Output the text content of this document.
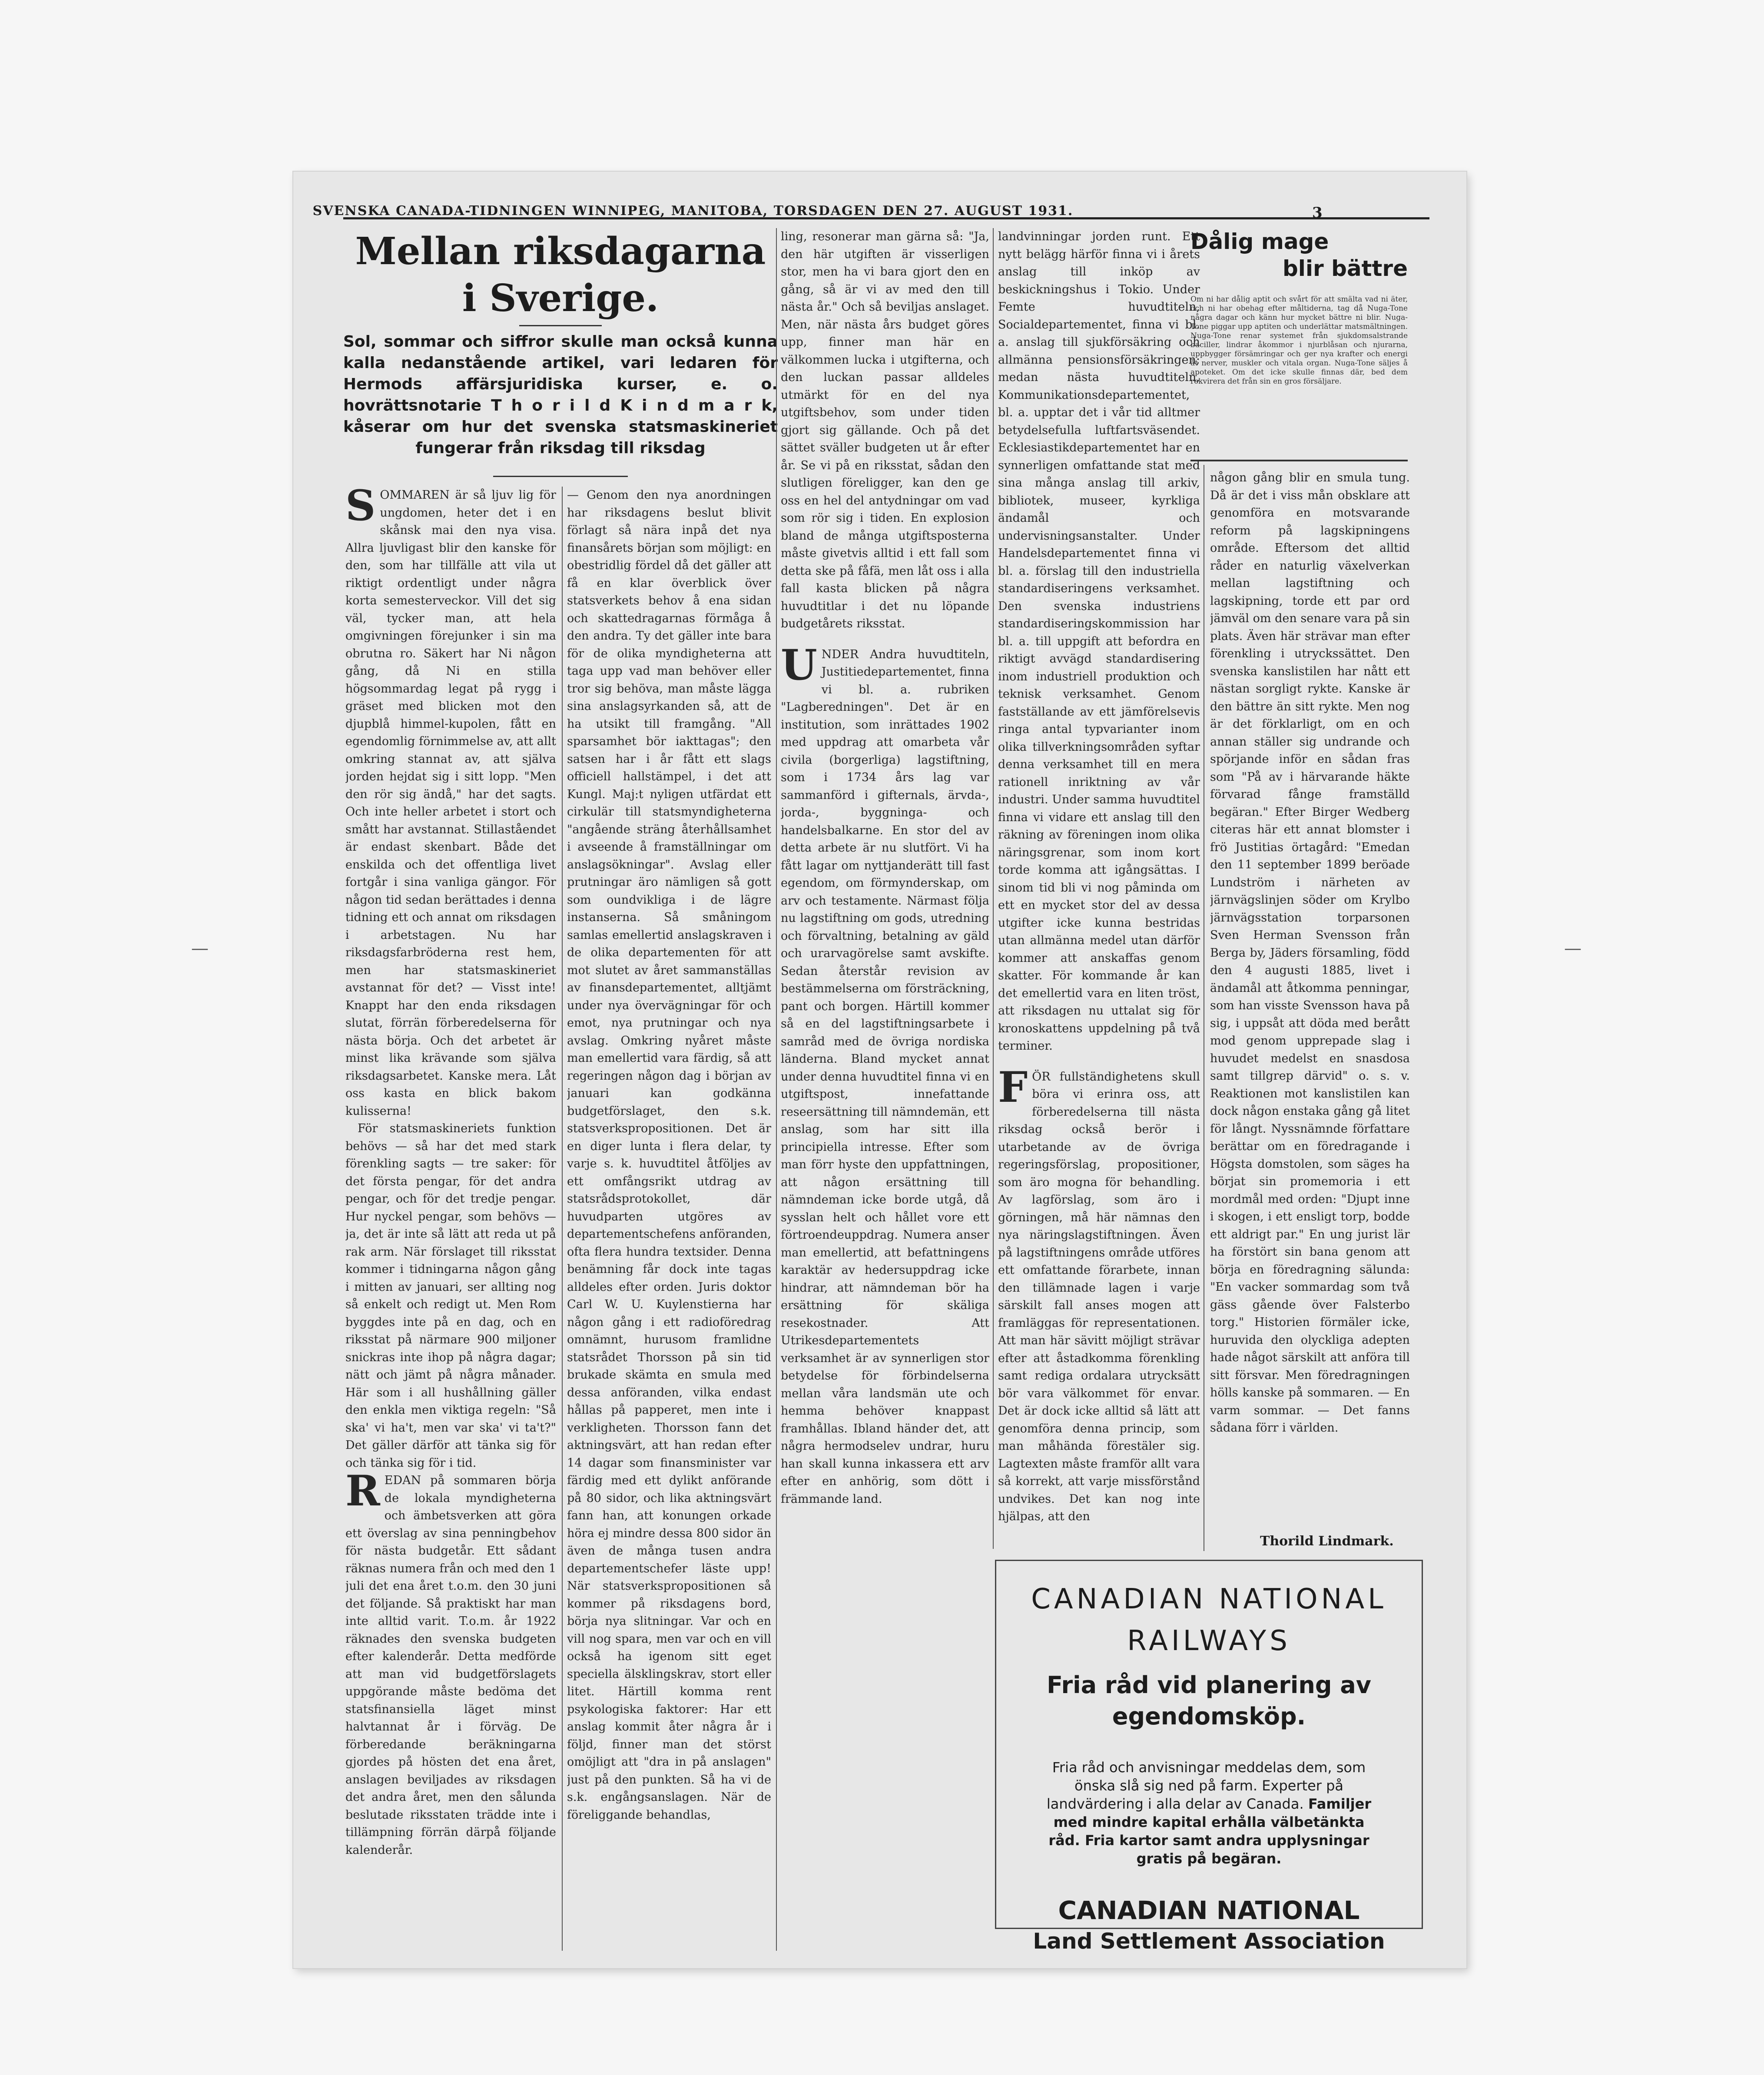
SVENSKA CANADA-TIDNINGEN WINNIPEG, MANITOBA, TORSDAGEN DEN 27. AUGUST 1931.	3
Mellan riksdagarna i Sverige.
Sol, sommar och siffror skulle man också kunna kalla nedanstående artikel, vari ledaren för Hermods affärsjuridiska kurser, e. o. hovrättsnotarie T h o r i l d K i n d m a r k, kåserar om hur det svenska statsmaskineriet fungerar från riksdag till riksdag

SOMMAREN är så ljuv lig för ungdomen, heter det i en skånsk mai den nya visa. Allra ljuvligast blir den kanske för den, som har tillfälle att vila ut riktigt ordentligt under några korta semesterveckor. Vill det sig väl, tycker man, att hela omgivningen förejunker i sin ma obrutna ro. Säkert har Ni någon gång, då Ni en stilla högsommardag legat på rygg i gräset med blicken mot den djupblå himmel-kupolen, fått en egendomlig förnimmelse av, att allt omkring stannat av, att själva jorden hejdat sig i sitt lopp. "Men den rör sig ändå," har det sagts. Och inte heller arbetet i stort och smått har avstannat. Stillaståendet är endast skenbart. Både det enskilda och det offentliga livet fortgår i sina vanliga gängor. För någon tid sedan berättades i denna tidning ett och annat om riksdagen i arbetstagen. Nu har riksdagsfarbröderna rest hem, men har statsmaskineriet avstannat för det? — Visst inte! Knappt har den enda riksdagen slutat, förrän förberedelserna för nästa börja. Och det arbetet är minst lika krävande som själva riksdagsarbetet. Kanske mera. Låt oss kasta en blick bakom kulisserna!

För statsmaskineriets funktion behövs — så har det med stark förenkling sagts — tre saker: för det första pengar, för det andra pengar, och för det tredje pengar. Hur nyckel pengar, som behövs — ja, det är inte så lätt att reda ut på rak arm. När förslaget till riksstat kommer i tidningarna någon gång i mitten av januari, ser allting nog så enkelt och redigt ut. Men Rom byggdes inte på en dag, och en riksstat på närmare 900 miljoner snickras inte ihop på några dagar; nätt och jämt på några månader. Här som i all hushållning gäller den enkla men viktiga regeln: "Så ska' vi ha't, men var ska' vi ta't?" Det gäller därför att tänka sig för och tänka sig för i tid.

REDAN på sommaren börja de lokala myndigheterna och ämbetsverken att göra ett överslag av sina penningbehov för nästa budgetår. Ett sådant räknas numera från och med den 1 juli det ena året t.o.m. den 30 juni det följande. Så praktiskt har man inte alltid varit. T.o.m. år 1922 räknades den svenska budgeten efter kalenderår. Detta medförde att man vid budgetförslagets uppgörande måste bedöma det statsfinansiella läget minst halvtannat år i förväg. De förberedande beräkningarna gjordes på hösten det ena året, anslagen beviljades av riksdagen det andra året, men den sålunda beslutade riksstaten trädde inte i tillämpning förrän därpå följande kalenderår.

— Genom den nya anordningen har riksdagens beslut blivit förlagt så nära inpå det nya finansårets början som möjligt: en obestridlig fördel då det gäller att få en klar överblick över statsverkets behov å ena sidan och skattedragarnas förmåga å den andra. Ty det gäller inte bara för de olika myndigheterna att taga upp vad man behöver eller tror sig behöva, man måste lägga sina anslagsyrkanden så, att de ha utsikt till framgång. "All sparsamhet bör iakttagas"; den satsen har i år fått ett slags officiell hallstämpel, i det att Kungl. Maj:t nyligen utfärdat ett cirkulär till statsmyndigheterna "angående sträng återhållsamhet i avseende å framställningar om anslagsökningar". Avslag eller prutningar äro nämligen så gott som oundvikliga i de lägre instanserna. Så småningom samlas emellertid anslagskraven i de olika departementen för att mot slutet av året sammanställas av finansdepartementet, alltjämt under nya övervägningar för och emot, nya prutningar och nya avslag. Omkring nyåret måste man emellertid vara färdig, så att regeringen någon dag i början av januari kan godkänna budgetförslaget, den s.k. statsverkspropositionen. Det är en diger lunta i flera delar, ty varje s. k. huvudtitel åtföljes av ett omfångsrikt utdrag av statsrådsprotokollet, där huvudparten utgöres av departementschefens anföranden, ofta flera hundra textsider. Denna benämning får dock inte tagas alldeles efter orden. Juris doktor Carl W. U. Kuylenstierna har någon gång i ett radioföredrag omnämnt, hurusom framlidne statsrådet Thorsson på sin tid brukade skämta en smula med dessa anföranden, vilka endast hållas på papperet, men inte i verkligheten. Thorsson fann det aktningsvärt, att han redan efter 14 dagar som finansminister var färdig med ett dylikt anförande på 80 sidor, och lika aktningsvärt fann han, att konungen orkade höra ej mindre dessa 800 sidor än även de många tusen andra departementschefer läste upp! När statsverkspropositionen så kommer på riksdagens bord, börja nya slitningar. Var och en vill nog spara, men var och en vill också ha igenom sitt eget speciella älsklingskrav, stort eller litet. Härtill komma rent psykologiska faktorer: Har ett anslag kommit åter några år i följd, finner man det störst omöjligt att "dra in på anslagen" just på den punkten. Så ha vi de s.k. engångsanslagen. När de föreliggande behandlas,

ling, resonerar man gärna så: "Ja, den här utgiften är visserligen stor, men ha vi bara gjort den en gång, så är vi av med den till nästa år." Och så beviljas anslaget. Men, när nästa års budget göres upp, finner man här en välkommen lucka i utgifterna, och den luckan passar alldeles utmärkt för en del nya utgiftsbehov, som under tiden gjort sig gällande. Och på det sättet sväller budgeten ut år efter år. Se vi på en riksstat, sådan den slutligen föreligger, kan den ge oss en hel del antydningar om vad som rör sig i tiden. En explosion bland de många utgiftsposterna måste givetvis alltid i ett fall som detta ske på fåfä, men låt oss i alla fall kasta blicken på några huvudtitlar i det nu löpande budgetårets riksstat.

UNDER Andra huvudtiteln, Justitiedepartementet, finna vi bl. a. rubriken "Lagberedningen". Det är en institution, som inrättades 1902 med uppdrag att omarbeta vår civila (borgerliga) lagstiftning, som i 1734 års lag var sammanförd i gifternals, ärvda-, jorda-, byggninga- och handelsbalkarne. En stor del av detta arbete är nu slutfört. Vi ha fått lagar om nyttjanderätt till fast egendom, om förmynderskap, om arv och testamente. Närmast följa nu lagstiftning om gods, utredning och förvaltning, betalning av gäld och urarvagörelse samt avskifte. Sedan återstår revision av bestämmelserna om försträckning, pant och borgen. Härtill kommer så en del lagstiftningsarbete i samråd med de övriga nordiska länderna. Bland mycket annat under denna huvudtitel finna vi en utgiftspost, innefattande reseersättning till nämndemän, ett anslag, som har sitt illa principiella intresse. Efter som man förr hyste den uppfattningen, att någon ersättning till nämndeman icke borde utgå, då sysslan helt och hållet vore ett förtroendeuppdrag. Numera anser man emellertid, att befattningens karaktär av hedersuppdrag icke hindrar, att nämndeman bör ha ersättning för skäliga resekostnader. Att Utrikesdepartementets verksamhet är av synnerligen stor betydelse för förbindelserna mellan våra landsmän ute och hemma behöver knappast framhållas. Ibland händer det, att några hermodselev undrar, huru han skall kunna inkassera ett arv efter en anhörig, som dött i främmande land.

landvinningar jorden runt. Ett nytt belägg härför finna vi i årets anslag till inköp av beskickningshus i Tokio. Under Femte huvudtiteln, Socialdepartementet, finna vi bl. a. anslag till sjukförsäkring och allmänna pensionsförsäkringen; medan nästa huvudtiteln, Kommunikationsdepartementet, bl. a. upptar det i vår tid alltmer betydelsefulla luftfartsväsendet. Ecklesiastikdepartementet har en synnerligen omfattande stat med sina många anslag till arkiv, bibliotek, museer, kyrkliga ändamål och undervisningsanstalter. Under Handelsdepartementet finna vi bl. a. förslag till den industriella standardiseringens verksamhet. Den svenska industriens standardiseringskommission har bl. a. till uppgift att befordra en riktigt avvägd standardisering inom industriell produktion och teknisk verksamhet. Genom fastställande av ett jämförelsevis ringa antal typvarianter inom olika tillverkningsområden syftar denna verksamhet till en mera rationell inriktning av vår industri. Under samma huvudtitel finna vi vidare ett anslag till den räkning av föreningen inom olika näringsgrenar, som inom kort torde komma att igångsättas. I sinom tid bli vi nog påminda om ett en mycket stor del av dessa utgifter icke kunna bestridas utan allmänna medel utan därför kommer att anskaffas genom skatter. För kommande år kan det emellertid vara en liten tröst, att riksdagen nu uttalat sig för kronoskattens uppdelning på två terminer.

FÖR fullständighetens skull böra vi erinra oss, att förberedelserna till nästa riksdag också berör i utarbetande av de övriga regeringsförslag, propositioner, som äro mogna för behandling. Av lagförslag, som äro i görningen, må här nämnas den nya näringslagstiftningen. Även på lagstiftningens område utföres ett omfattande förarbete, innan den tillämnade lagen i varje särskilt fall anses mogen att framläggas för representationen. Att man här sävitt möjligt strävar efter att åstadkomma förenkling samt rediga ordalara utrycksätt bör vara välkommet för envar. Det är dock icke alltid så lätt att genomföra denna princip, som man måhända förestäler sig. Lagtexten måste framför allt vara så korrekt, att varje missförstånd undvikes. Det kan nog inte hjälpas, att den

Dålig mage
blir bättre
Om ni har dålig aptit och svårt för att smälta vad ni äter, och ni har obehag efter måltiderna, tag då Nuga-Tone några dagar och känn hur mycket bättre ni blir. Nuga-Tone piggar upp aptiten och underlättar matsmältningen. Nuga-Tone renar systemet från sjukdomsalstrande baciller, lindrar åkommor i njurblåsan och njurarna, uppbygger försämringar och ger nya krafter och energi åt nerver, muskler och vitala organ. Nuga-Tone säljes å apoteket. Om det icke skulle finnas där, bed dem rekvirera det från sin en gros försäljare.

någon gång blir en smula tung. Då är det i viss mån obsklare att genomföra en motsvarande reform på lagskipningens område. Eftersom det alltid råder en naturlig växelverkan mellan lagstiftning och lagskipning, torde ett par ord jämväl om den senare vara på sin plats. Även här strävar man efter förenkling i utryckssättet. Den svenska kanslistilen har nått ett nästan sorgligt rykte. Kanske är den bättre än sitt rykte. Men nog är det förklarligt, om en och annan ställer sig undrande och spörjande inför en sådan fras som "På av i härvarande häkte förvarad fånge framställd begäran." Efter Birger Wedberg citeras här ett annat blomster i frö Justitias örtagård: "Emedan den 11 september 1899 beröade Lundström i närheten av järnvägslinjen söder om Krylbo järnvägsstation torparsonen Sven Herman Svensson från Berga by, Jäders församling, född den 4 augusti 1885, livet i ändamål att åtkomma penningar, som han visste Svensson hava på sig, i uppsåt att döda med berått mod genom upprepade slag i huvudet medelst en snasdosa samt tillgrep därvid" o. s. v. Reaktionen mot kanslistilen kan dock någon enstaka gång gå litet för långt. Nyssnämnde författare berättar om en föredragande i Högsta domstolen, som säges ha börjat sin promemoria i ett mordmål med orden: "Djupt inne i skogen, i ett ensligt torp, bodde ett aldrigt par." En ung jurist lär ha förstört sin bana genom att börja en föredragning sälunda: "En vacker sommardag som två gäss gående över Falsterbo torg." Historien förmäler icke, huruvida den olyckliga adepten hade något särskilt att anföra till sitt försvar. Men föredragningen hölls kanske på sommaren. — En varm sommar. — Det fanns sådana förr i världen.

Thorild Lindmark.
CANADIAN NATIONAL
RAILWAYS
Fria råd vid planering av egendomsköp.
Fria råd och anvisningar meddelas dem, som önska slå sig ned på farm. Experter på landvärdering i alla delar av Canada. Familjer med mindre kapital erhålla välbetänkta råd. Fria kartor samt andra upplysningar gratis på begäran.
CANADIAN NATIONAL
Land Settlement Association
—	—
